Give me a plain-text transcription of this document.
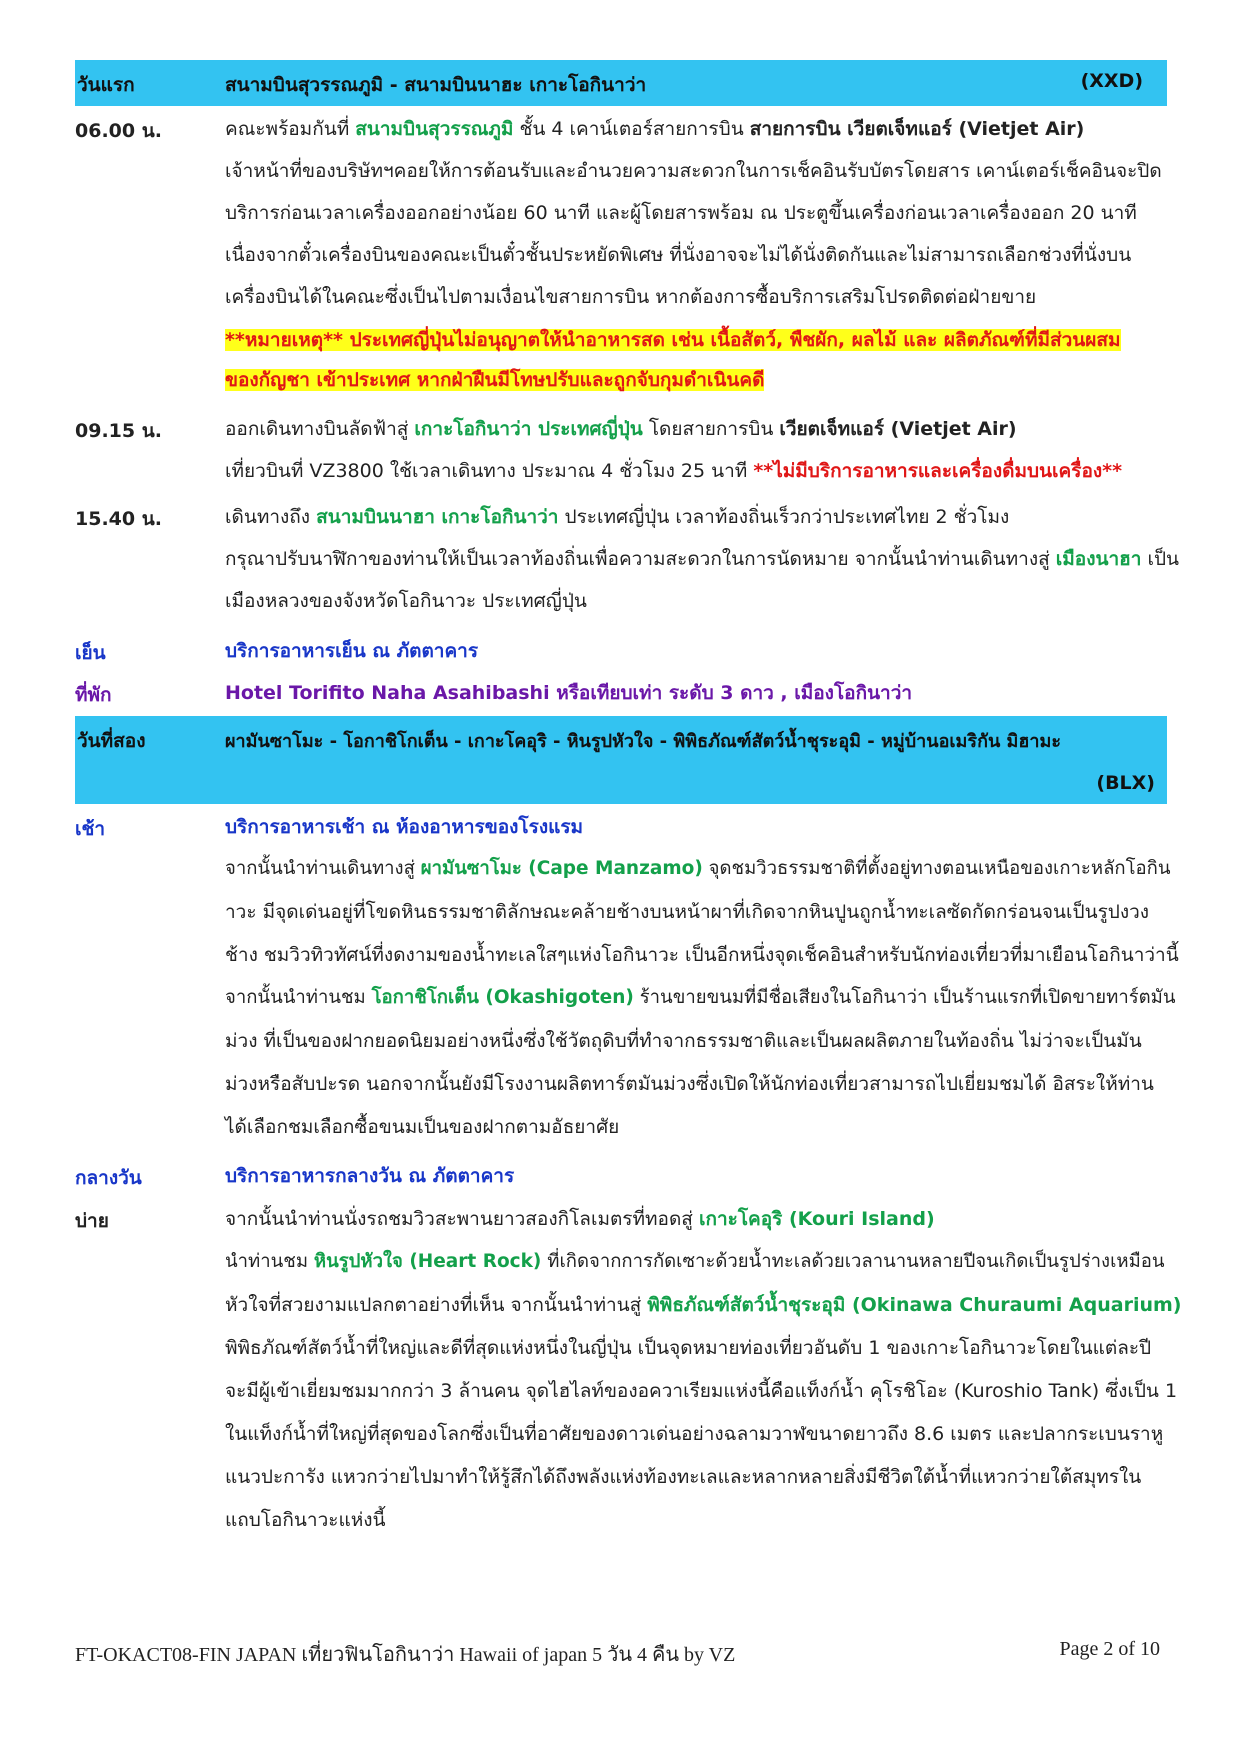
วันแรก	สนามบินสุวรรณภูมิ - สนามบินนาฮะ เกาะโอกินาว่า	(XXD)
06.00 น.	คณะพร้อมกันที่ สนามบินสุวรรณภูมิ ชั้น 4 เคาน์เตอร์สายการบิน สายการบิน เวียตเจ็ทแอร์ (Vietjet Air)
เจ้าหน้าที่ของบริษัทฯคอยให้การต้อนรับและอำนวยความสะดวกในการเช็คอินรับบัตรโดยสาร เคาน์เตอร์เช็คอินจะปิด
บริการก่อนเวลาเครื่องออกอย่างน้อย 60 นาที และผู้โดยสารพร้อม ณ ประตูขึ้นเครื่องก่อนเวลาเครื่องออก 20 นาที
เนื่องจากตั๋วเครื่องบินของคณะเป็นตั๋วชั้นประหยัดพิเศษ ที่นั่งอาจจะไม่ได้นั่งติดกันและไม่สามารถเลือกช่วงที่นั่งบน
เครื่องบินได้ในคณะซึ่งเป็นไปตามเงื่อนไขสายการบิน หากต้องการซื้อบริการเสริมโปรดติดต่อฝ่ายขาย
**หมายเหตุ** ประเทศญี่ปุ่นไม่อนุญาตให้นำอาหารสด เช่น เนื้อสัตว์, พืชผัก, ผลไม้ และ ผลิตภัณฑ์ที่มีส่วนผสม
ของกัญชา เข้าประเทศ หากฝ่าฝืนมีโทษปรับและถูกจับกุมดำเนินคดี
09.15 น.	ออกเดินทางบินลัดฟ้าสู่ เกาะโอกินาว่า ประเทศญี่ปุ่น โดยสายการบิน เวียตเจ็ทแอร์ (Vietjet Air)
เที่ยวบินที่ VZ3800 ใช้เวลาเดินทาง ประมาณ 4 ชั่วโมง 25 นาที **ไม่มีบริการอาหารและเครื่องดื่มบนเครื่อง**
15.40 น.	เดินทางถึง สนามบินนาฮา เกาะโอกินาว่า ประเทศญี่ปุ่น เวลาท้องถิ่นเร็วกว่าประเทศไทย 2 ชั่วโมง
กรุณาปรับนาฬิกาของท่านให้เป็นเวลาท้องถิ่นเพื่อความสะดวกในการนัดหมาย จากนั้นนำท่านเดินทางสู่ เมืองนาฮา เป็น
เมืองหลวงของจังหวัดโอกินาวะ ประเทศญี่ปุ่น
เย็น	บริการอาหารเย็น ณ ภัตตาคาร
ที่พัก	Hotel Torifito Naha Asahibashi หรือเทียบเท่า ระดับ 3 ดาว , เมืองโอกินาว่า
วันที่สอง	ผามันซาโมะ - โอกาชิโกเต็น - เกาะโคอุริ - หินรูปหัวใจ - พิพิธภัณฑ์สัตว์น้ำชุระอุมิ - หมู่บ้านอเมริกัน มิฮามะ
(BLX)
เช้า	บริการอาหารเช้า ณ ห้องอาหารของโรงแรม
จากนั้นนำท่านเดินทางสู่ ผามันซาโมะ (Cape Manzamo) จุดชมวิวธรรมชาติที่ตั้งอยู่ทางตอนเหนือของเกาะหลักโอกิน
าวะ มีจุดเด่นอยู่ที่โขดหินธรรมชาติลักษณะคล้ายช้างบนหน้าผาที่เกิดจากหินปูนถูกน้ำทะเลซัดกัดกร่อนจนเป็นรูปงวง
ช้าง ชมวิวทิวทัศน์ที่งดงามของน้ำทะเลใสๆแห่งโอกินาวะ เป็นอีกหนึ่งจุดเช็คอินสำหรับนักท่องเที่ยวที่มาเยือนโอกินาว่านี้
จากนั้นนำท่านชม โอกาชิโกเต็น (Okashigoten) ร้านขายขนมที่มีชื่อเสียงในโอกินาว่า เป็นร้านแรกที่เปิดขายทาร์ตมัน
ม่วง ที่เป็นของฝากยอดนิยมอย่างหนึ่งซึ่งใช้วัตถุดิบที่ทำจากธรรมชาติและเป็นผลผลิตภายในท้องถิ่น ไม่ว่าจะเป็นมัน
ม่วงหรือสับปะรด นอกจากนั้นยังมีโรงงานผลิตทาร์ตมันม่วงซึ่งเปิดให้นักท่องเที่ยวสามารถไปเยี่ยมชมได้ อิสระให้ท่าน
ได้เลือกชมเลือกซื้อขนมเป็นของฝากตามอัธยาศัย
กลางวัน	บริการอาหารกลางวัน ณ ภัตตาคาร
บ่าย	จากนั้นนำท่านนั่งรถชมวิวสะพานยาวสองกิโลเมตรที่ทอดสู่ เกาะโคอุริ (Kouri Island)
นำท่านชม หินรูปหัวใจ (Heart Rock) ที่เกิดจากการกัดเซาะด้วยน้ำทะเลด้วยเวลานานหลายปีจนเกิดเป็นรูปร่างเหมือน
หัวใจที่สวยงามแปลกตาอย่างที่เห็น จากนั้นนำท่านสู่ พิพิธภัณฑ์สัตว์น้ำชุระอุมิ (Okinawa Churaumi Aquarium)
พิพิธภัณฑ์สัตว์น้ำที่ใหญ่และดีที่สุดแห่งหนึ่งในญี่ปุ่น เป็นจุดหมายท่องเที่ยวอันดับ 1 ของเกาะโอกินาวะโดยในแต่ละปี
จะมีผู้เข้าเยี่ยมชมมากกว่า 3 ล้านคน จุดไฮไลท์ของอควาเรียมแห่งนี้คือแท็งก์น้ำ คุโรชิโอะ (Kuroshio Tank) ซึ่งเป็น 1
ในแท็งก์น้ำที่ใหญ่ที่สุดของโลกซึ่งเป็นที่อาศัยของดาวเด่นอย่างฉลามวาฬขนาดยาวถึง 8.6 เมตร และปลากระเบนราหู
แนวปะการัง แหวกว่ายไปมาทำให้รู้สึกได้ถึงพลังแห่งท้องทะเลและหลากหลายสิ่งมีชีวิตใต้น้ำที่แหวกว่ายใต้สมุทรใน
แถบโอกินาวะแห่งนี้
FT-OKACT08-FIN JAPAN เที่ยวฟินโอกินาว่า Hawaii of japan 5 วัน 4 คืน by VZ	Page 2 of 10
